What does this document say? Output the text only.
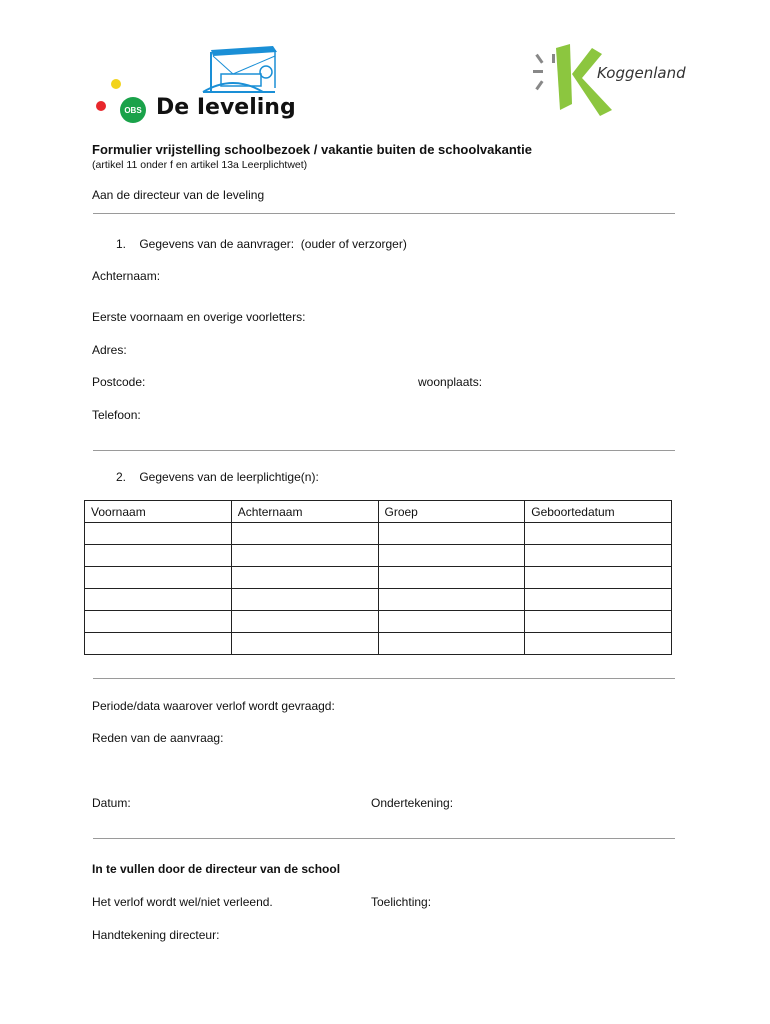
OBS De Ieveling
Koggenland
Formulier vrijstelling schoolbezoek / vakantie buiten de schoolvakantie
(artikel 11 onder f en artikel 13a Leerplichtwet)
Aan de directeur van de Ieveling
1.    Gegevens van de aanvrager:  (ouder of verzorger)
Achternaam:
Eerste voornaam en overige voorletters:
Adres:
Postcode:	woonplaats:
Telefoon:
2.    Gegevens van de leerplichtige(n):
Voornaam	Achternaam	Groep	Geboortedatum

Periode/data waarover verlof wordt gevraagd:
Reden van de aanvraag:
Datum:	Ondertekening:
In te vullen door de directeur van de school
Het verlof wordt wel/niet verleend.	Toelichting:
Handtekening directeur:
